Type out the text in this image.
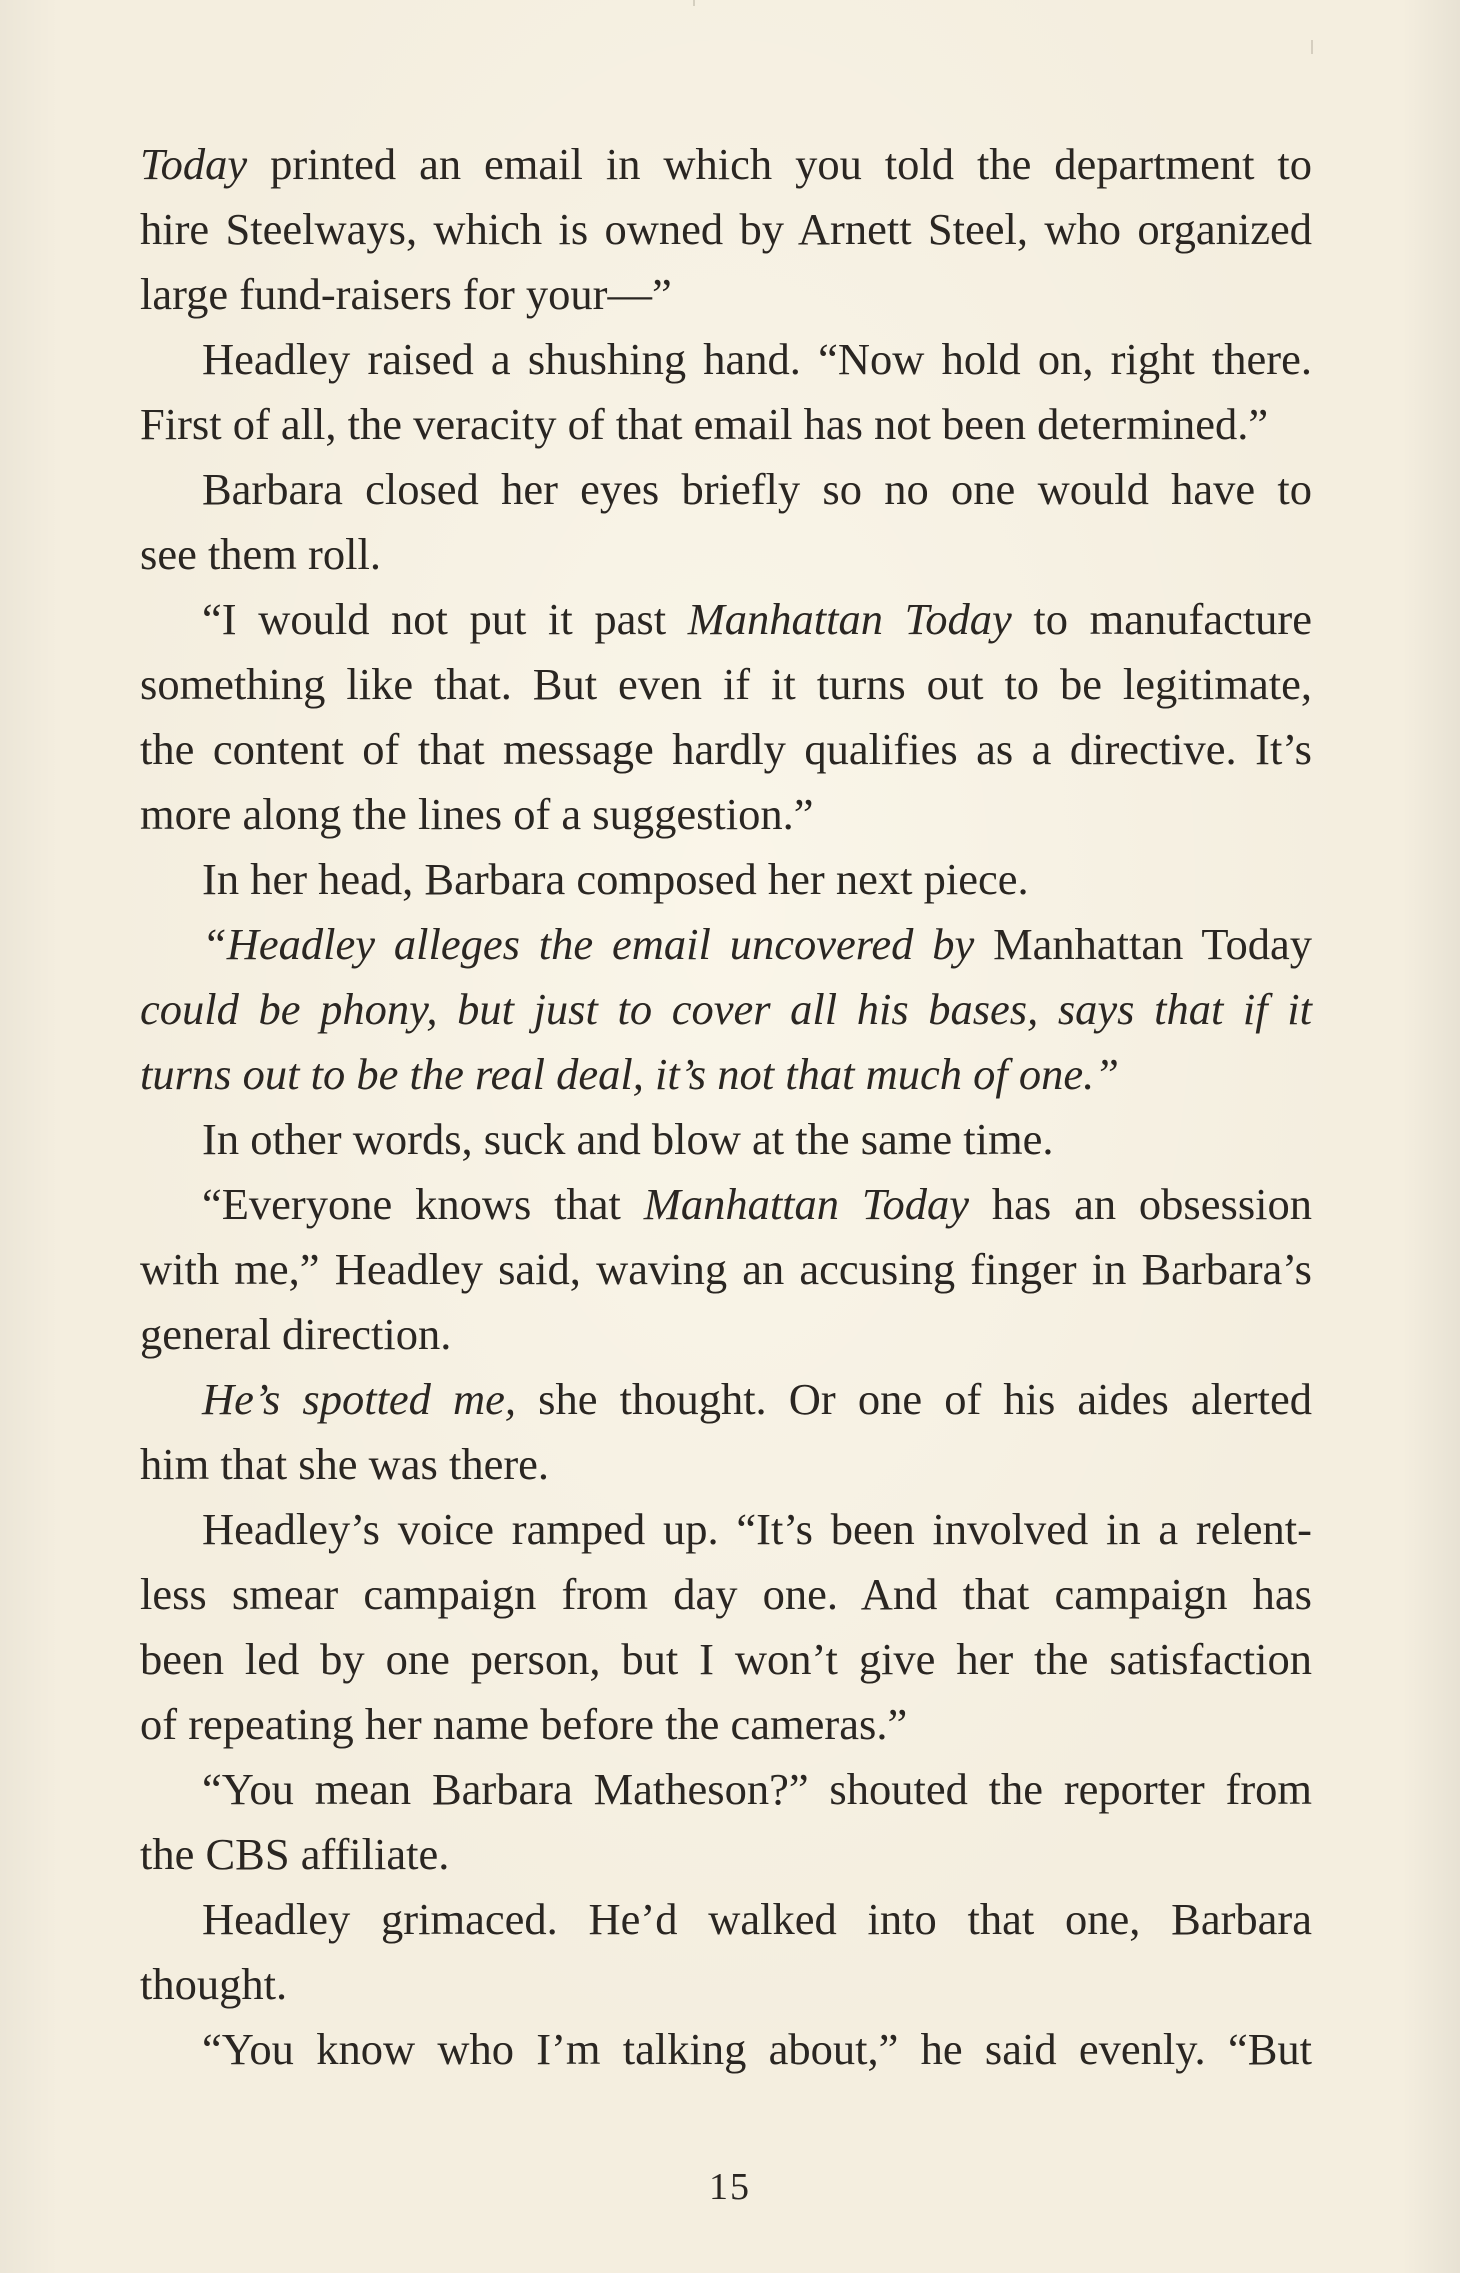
Today printed an email in which you told the department to
hire Steelways, which is owned by Arnett Steel, who organized
large fund-raisers for your—”
Headley raised a shushing hand. “Now hold on, right there.
First of all, the veracity of that email has not been determined.”
Barbara closed her eyes briefly so no one would have to
see them roll.
“I would not put it past Manhattan Today to manufacture
something like that. But even if it turns out to be legitimate,
the content of that message hardly qualifies as a directive. It’s
more along the lines of a suggestion.”
In her head, Barbara composed her next piece.
“Headley alleges the email uncovered by Manhattan Today
could be phony, but just to cover all his bases, says that if it
turns out to be the real deal, it’s not that much of one.”
In other words, suck and blow at the same time.
“Everyone knows that Manhattan Today has an obsession
with me,” Headley said, waving an accusing finger in Barbara’s
general direction.
He’s spotted me, she thought. Or one of his aides alerted
him that she was there.
Headley’s voice ramped up. “It’s been involved in a relent-
less smear campaign from day one. And that campaign has
been led by one person, but I won’t give her the satisfaction
of repeating her name before the cameras.”
“You mean Barbara Matheson?” shouted the reporter from
the CBS affiliate.
Headley grimaced. He’d walked into that one, Barbara
thought.
“You know who I’m talking about,” he said evenly. “But
15
